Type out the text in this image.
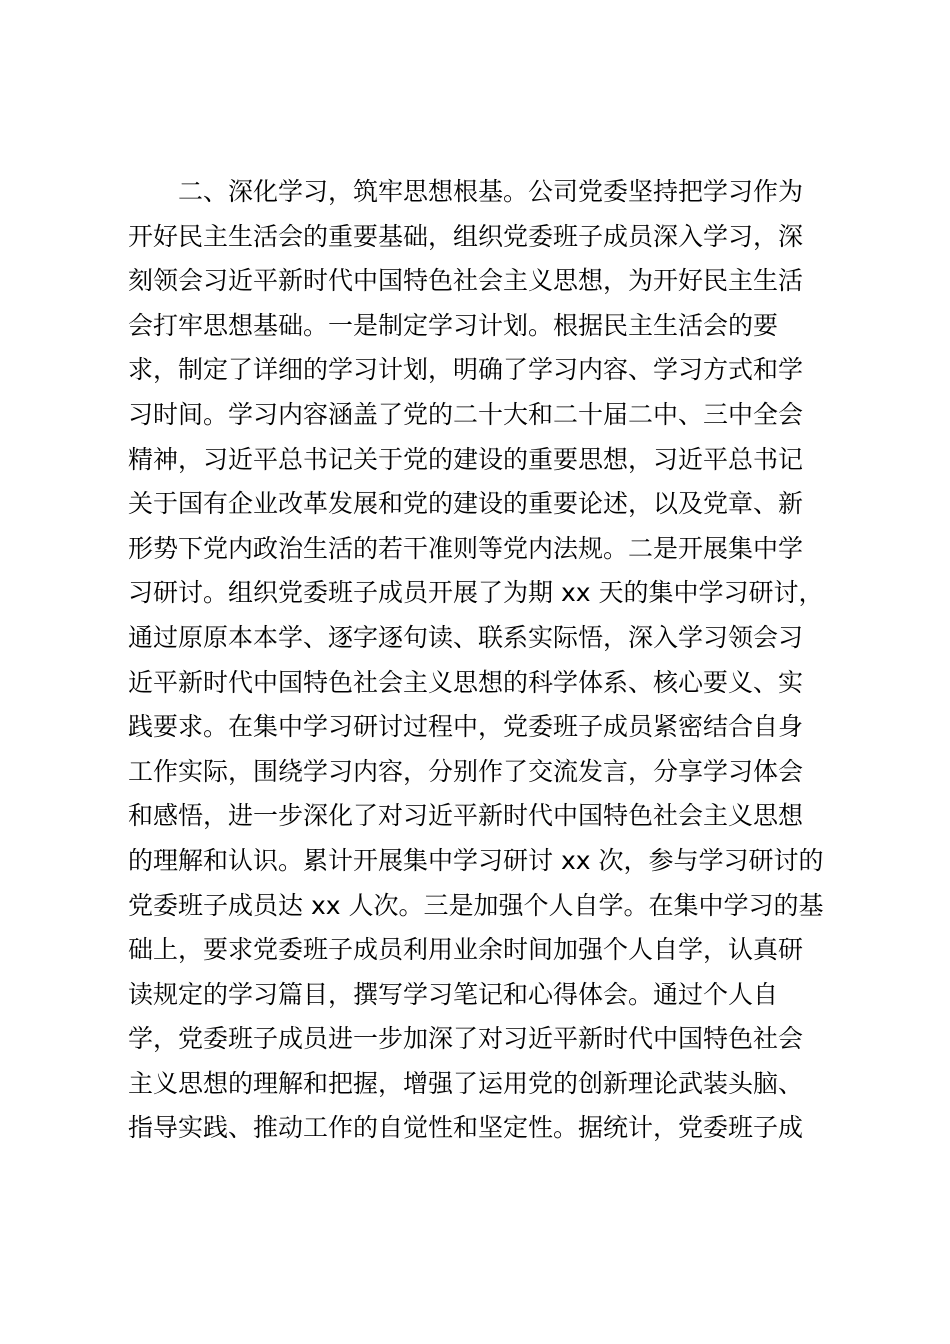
二、深化学习，筑牢思想根基。公司党委坚持把学习作为
开好民主生活会的重要基础，组织党委班子成员深入学习，深
刻领会习近平新时代中国特色社会主义思想，为开好民主生活
会打牢思想基础。一是制定学习计划。根据民主生活会的要
求，制定了详细的学习计划，明确了学习内容、学习方式和学
习时间。学习内容涵盖了党的二十大和二十届二中、三中全会
精神，习近平总书记关于党的建设的重要思想，习近平总书记
关于国有企业改革发展和党的建设的重要论述，以及党章、新
形势下党内政治生活的若干准则等党内法规。二是开展集中学
习研讨。组织党委班子成员开展了为期 xx 天的集中学习研讨，
通过原原本本学、逐字逐句读、联系实际悟，深入学习领会习
近平新时代中国特色社会主义思想的科学体系、核心要义、实
践要求。在集中学习研讨过程中，党委班子成员紧密结合自身
工作实际，围绕学习内容，分别作了交流发言，分享学习体会
和感悟，进一步深化了对习近平新时代中国特色社会主义思想
的理解和认识。累计开展集中学习研讨 xx 次，参与学习研讨的
党委班子成员达 xx 人次。三是加强个人自学。在集中学习的基
础上，要求党委班子成员利用业余时间加强个人自学，认真研
读规定的学习篇目，撰写学习笔记和心得体会。通过个人自
学，党委班子成员进一步加深了对习近平新时代中国特色社会
主义思想的理解和把握，增强了运用党的创新理论武装头脑、
指导实践、推动工作的自觉性和坚定性。据统计，党委班子成
